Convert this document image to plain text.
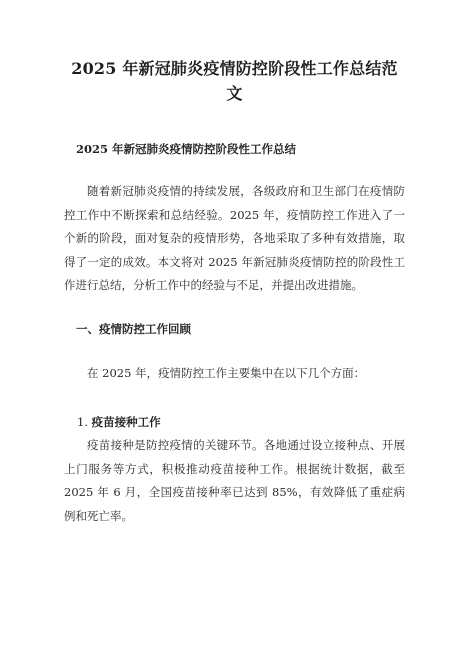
2025 年新冠肺炎疫情防控阶段性工作总结范文
2025 年新冠肺炎疫情防控阶段性工作总结

随着新冠肺炎疫情的持续发展，各级政府和卫生部门在疫情防控工作中不断探索和总结经验。2025 年，疫情防控工作进入了一个新的阶段，面对复杂的疫情形势，各地采取了多种有效措施，取得了一定的成效。本文将对 2025 年新冠肺炎疫情防控的阶段性工作进行总结，分析工作中的经验与不足，并提出改进措施。

一、疫情防控工作回顾

在 2025 年，疫情防控工作主要集中在以下几个方面：

1. 疫苗接种工作

疫苗接种是防控疫情的关键环节。各地通过设立接种点、开展上门服务等方式，积极推动疫苗接种工作。根据统计数据，截至 2025 年 6 月，全国疫苗接种率已达到 85%，有效降低了重症病例和死亡率。
